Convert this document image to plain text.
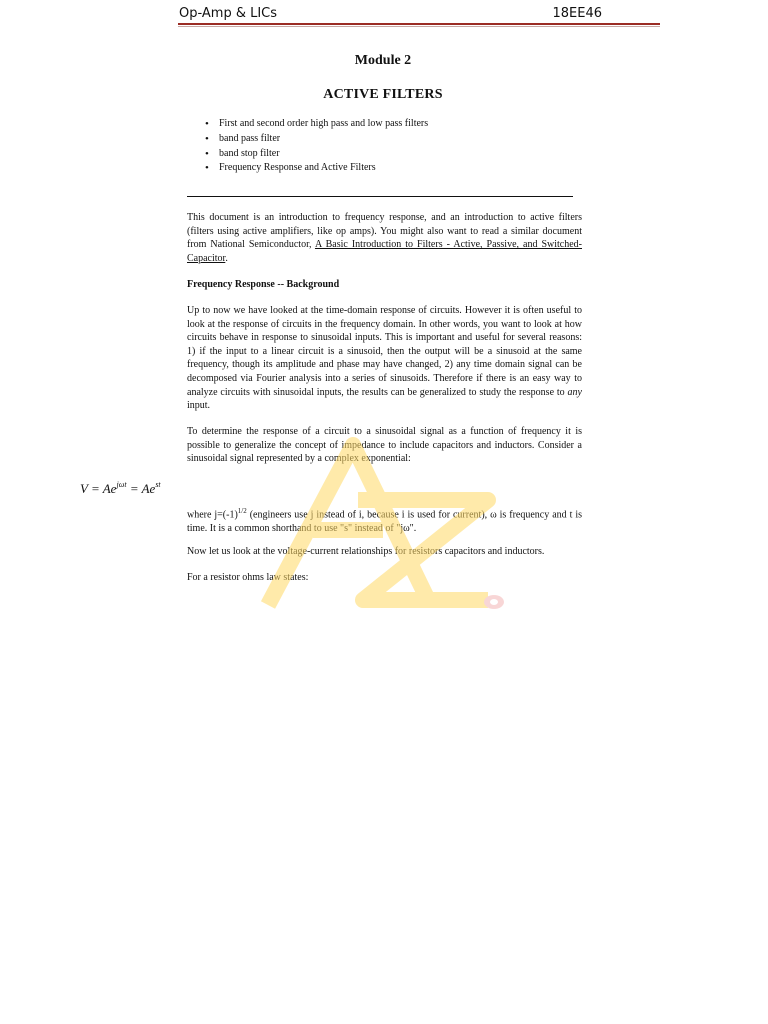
Op-Amp & LICs	18EE46
Module 2
ACTIVE FILTERS
• First and second order high pass and low pass filters
• band pass filter
• band stop filter
• Frequency Response and Active Filters

This document is an introduction to frequency response, and an introduction to active filters (filters using active amplifiers, like op amps). You might also want to read a similar document from National Semiconductor, A Basic Introduction to Filters - Active, Passive, and Switched-Capacitor.

Frequency Response -- Background

Up to now we have looked at the time-domain response of circuits. However it is often useful to look at the response of circuits in the frequency domain. In other words, you want to look at how circuits behave in response to sinusoidal inputs. This is important and useful for several reasons: 1) if the input to a linear circuit is a sinusoid, then the output will be a sinusoid at the same frequency, though its amplitude and phase may have changed, 2) any time domain signal can be decomposed via Fourier analysis into a series of sinusoids. Therefore if there is an easy way to analyze circuits with sinusoidal inputs, the results can be generalized to study the response to any input.

To determine the response of a circuit to a sinusoidal signal as a function of frequency it is possible to generalize the concept of impedance to include capacitors and inductors. Consider a sinusoidal signal represented by a complex exponential:

$V = Ae^{j\omega t} = Ae^{st}$

where $j=(-1)^{1/2}$ (engineers use j instead of i, because i is used for current), ω is frequency and t is time. It is a common shorthand to use "s" instead of "jω".

Now let us look at the voltage-current relationships for resistors capacitors and inductors.

For a resistor ohms law states:
